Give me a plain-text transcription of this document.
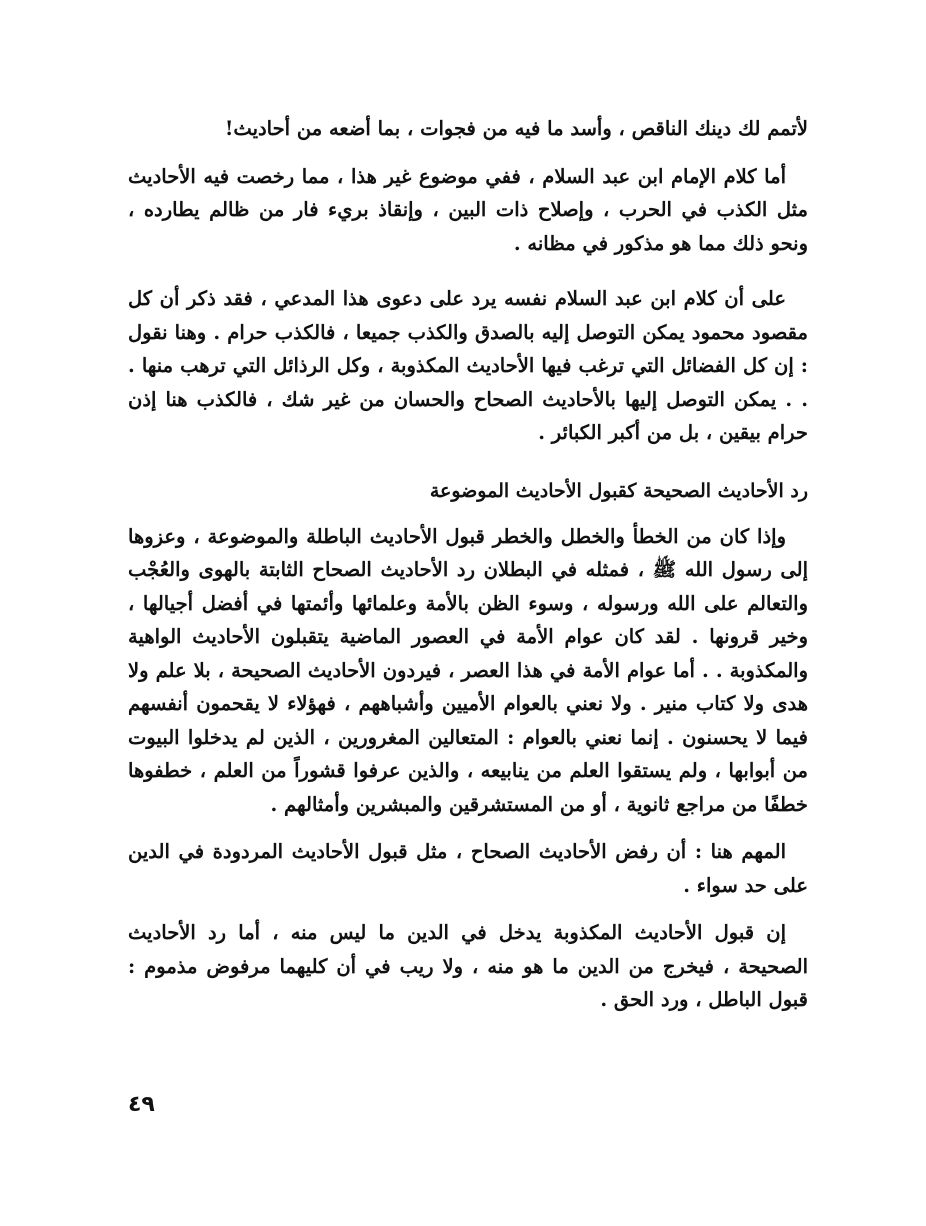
لأتمم لك دينك الناقص ، وأسد ما فيه من فجوات ، بما أضعه من أحاديث!

أما كلام الإمام ابن عبد السلام ، ففي موضوع غير هذا ، مما رخصت فيه الأحاديث مثل الكذب في الحرب ، وإصلاح ذات البين ، وإنقاذ بريء فار من ظالم يطارده ، ونحو ذلك مما هو مذكور في مظانه .

على أن كلام ابن عبد السلام نفسه يرد على دعوى هذا المدعي ، فقد ذكر أن كل مقصود محمود يمكن التوصل إليه بالصدق والكذب جميعا ، فالكذب حرام . وهنا نقول : إن كل الفضائل التي ترغب فيها الأحاديث المكذوبة ، وكل الرذائل التي ترهب منها . . . يمكن التوصل إليها بالأحاديث الصحاح والحسان من غير شك ، فالكذب هنا إذن حرام بيقين ، بل من أكبر الكبائر .

رد الأحاديث الصحيحة كقبول الأحاديث الموضوعة

وإذا كان من الخطأ والخطل والخطر قبول الأحاديث الباطلة والموضوعة ، وعزوها إلى رسول الله ﷺ ، فمثله في البطلان رد الأحاديث الصحاح الثابتة بالهوى والعُجْب والتعالم على الله ورسوله ، وسوء الظن بالأمة وعلمائها وأئمتها في أفضل أجيالها ، وخير قرونها . لقد كان عوام الأمة في العصور الماضية يتقبلون الأحاديث الواهية والمكذوبة . . أما عوام الأمة في هذا العصر ، فيردون الأحاديث الصحيحة ، بلا علم ولا هدى ولا كتاب منير . ولا نعني بالعوام الأميين وأشباههم ، فهؤلاء لا يقحمون أنفسهم فيما لا يحسنون . إنما نعني بالعوام : المتعالين المغرورين ، الذين لم يدخلوا البيوت من أبوابها ، ولم يستقوا العلم من ينابيعه ، والذين عرفوا قشوراً من العلم ، خطفوها خطفًا من مراجع ثانوية ، أو من المستشرقين والمبشرين وأمثالهم .

المهم هنا : أن رفض الأحاديث الصحاح ، مثل قبول الأحاديث المردودة في الدين على حد سواء .

إن قبول الأحاديث المكذوبة يدخل في الدين ما ليس منه ، أما رد الأحاديث الصحيحة ، فيخرج من الدين ما هو منه ، ولا ريب في أن كليهما مرفوض مذموم : قبول الباطل ، ورد الحق .

٤٩
